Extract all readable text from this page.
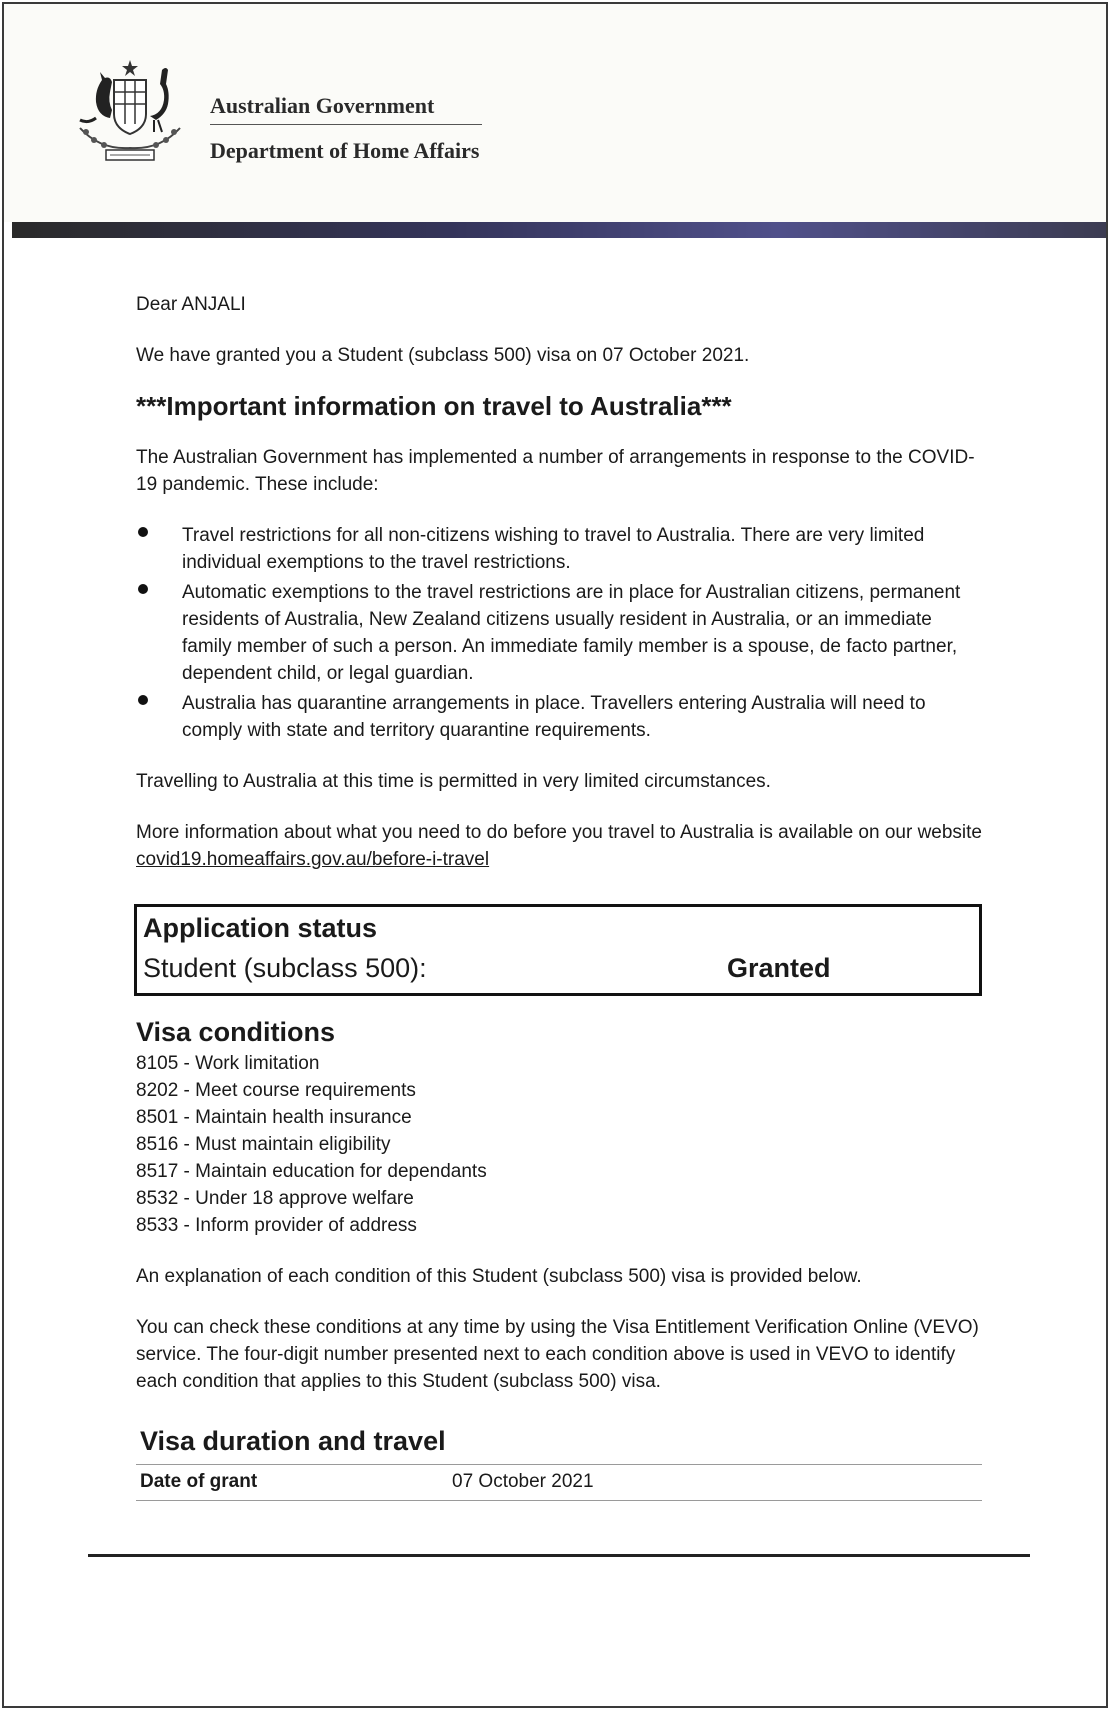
Australian Government
Department of Home Affairs
Dear ANJALI
We have granted you a Student (subclass 500) visa on 07 October 2021.
***Important information on travel to Australia***
The Australian Government has implemented a number of arrangements in response to the COVID-19 pandemic. These include:
Travel restrictions for all non-citizens wishing to travel to Australia. There are very limited individual exemptions to the travel restrictions.
Automatic exemptions to the travel restrictions are in place for Australian citizens, permanent residents of Australia, New Zealand citizens usually resident in Australia, or an immediate family member of such a person. An immediate family member is a spouse, de facto partner, dependent child, or legal guardian.
Australia has quarantine arrangements in place. Travellers entering Australia will need to comply with state and territory quarantine requirements.
Travelling to Australia at this time is permitted in very limited circumstances.
More information about what you need to do before you travel to Australia is available on our website covid19.homeaffairs.gov.au/before-i-travel
Application status
Student (subclass 500):	Granted
Visa conditions
8105 - Work limitation
8202 - Meet course requirements
8501 - Maintain health insurance
8516 - Must maintain eligibility
8517 - Maintain education for dependants
8532 - Under 18 approve welfare
8533 - Inform provider of address
An explanation of each condition of this Student (subclass 500) visa is provided below.
You can check these conditions at any time by using the Visa Entitlement Verification Online (VEVO) service. The four-digit number presented next to each condition above is used in VEVO to identify each condition that applies to this Student (subclass 500) visa.
Visa duration and travel
Date of grant	07 October 2021
